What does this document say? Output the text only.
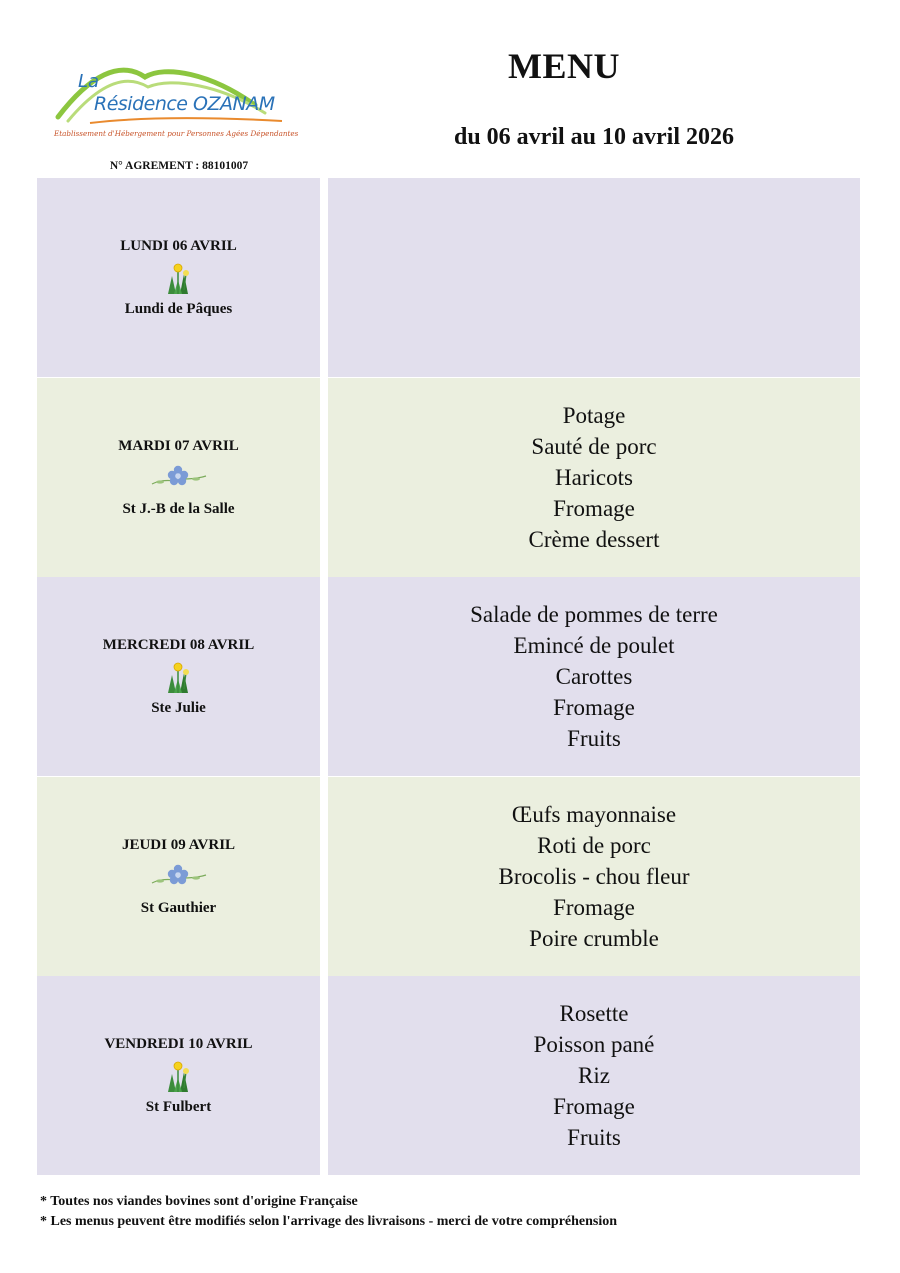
La
Résidence OZANAM
Etablissement d'Hébergement pour Personnes Agées Dépendantes
N° AGREMENT : 88101007
MENU
du 06 avril au 10 avril 2026
LUNDI 06 AVRIL
Lundi de Pâques
MARDI 07 AVRIL
St J.-B de la Salle
Potage
Sauté de porc
Haricots
Fromage
Crème dessert
MERCREDI 08 AVRIL
Ste Julie
Salade de pommes de terre
Emincé de poulet
Carottes
Fromage
Fruits
JEUDI 09 AVRIL
St Gauthier
Œufs mayonnaise
Roti de porc
Brocolis - chou fleur
Fromage
Poire crumble
VENDREDI 10 AVRIL
St Fulbert
Rosette
Poisson pané
Riz
Fromage
Fruits
* Toutes nos viandes bovines sont d'origine Française
* Les menus peuvent être modifiés selon l'arrivage des livraisons - merci de votre compréhension
